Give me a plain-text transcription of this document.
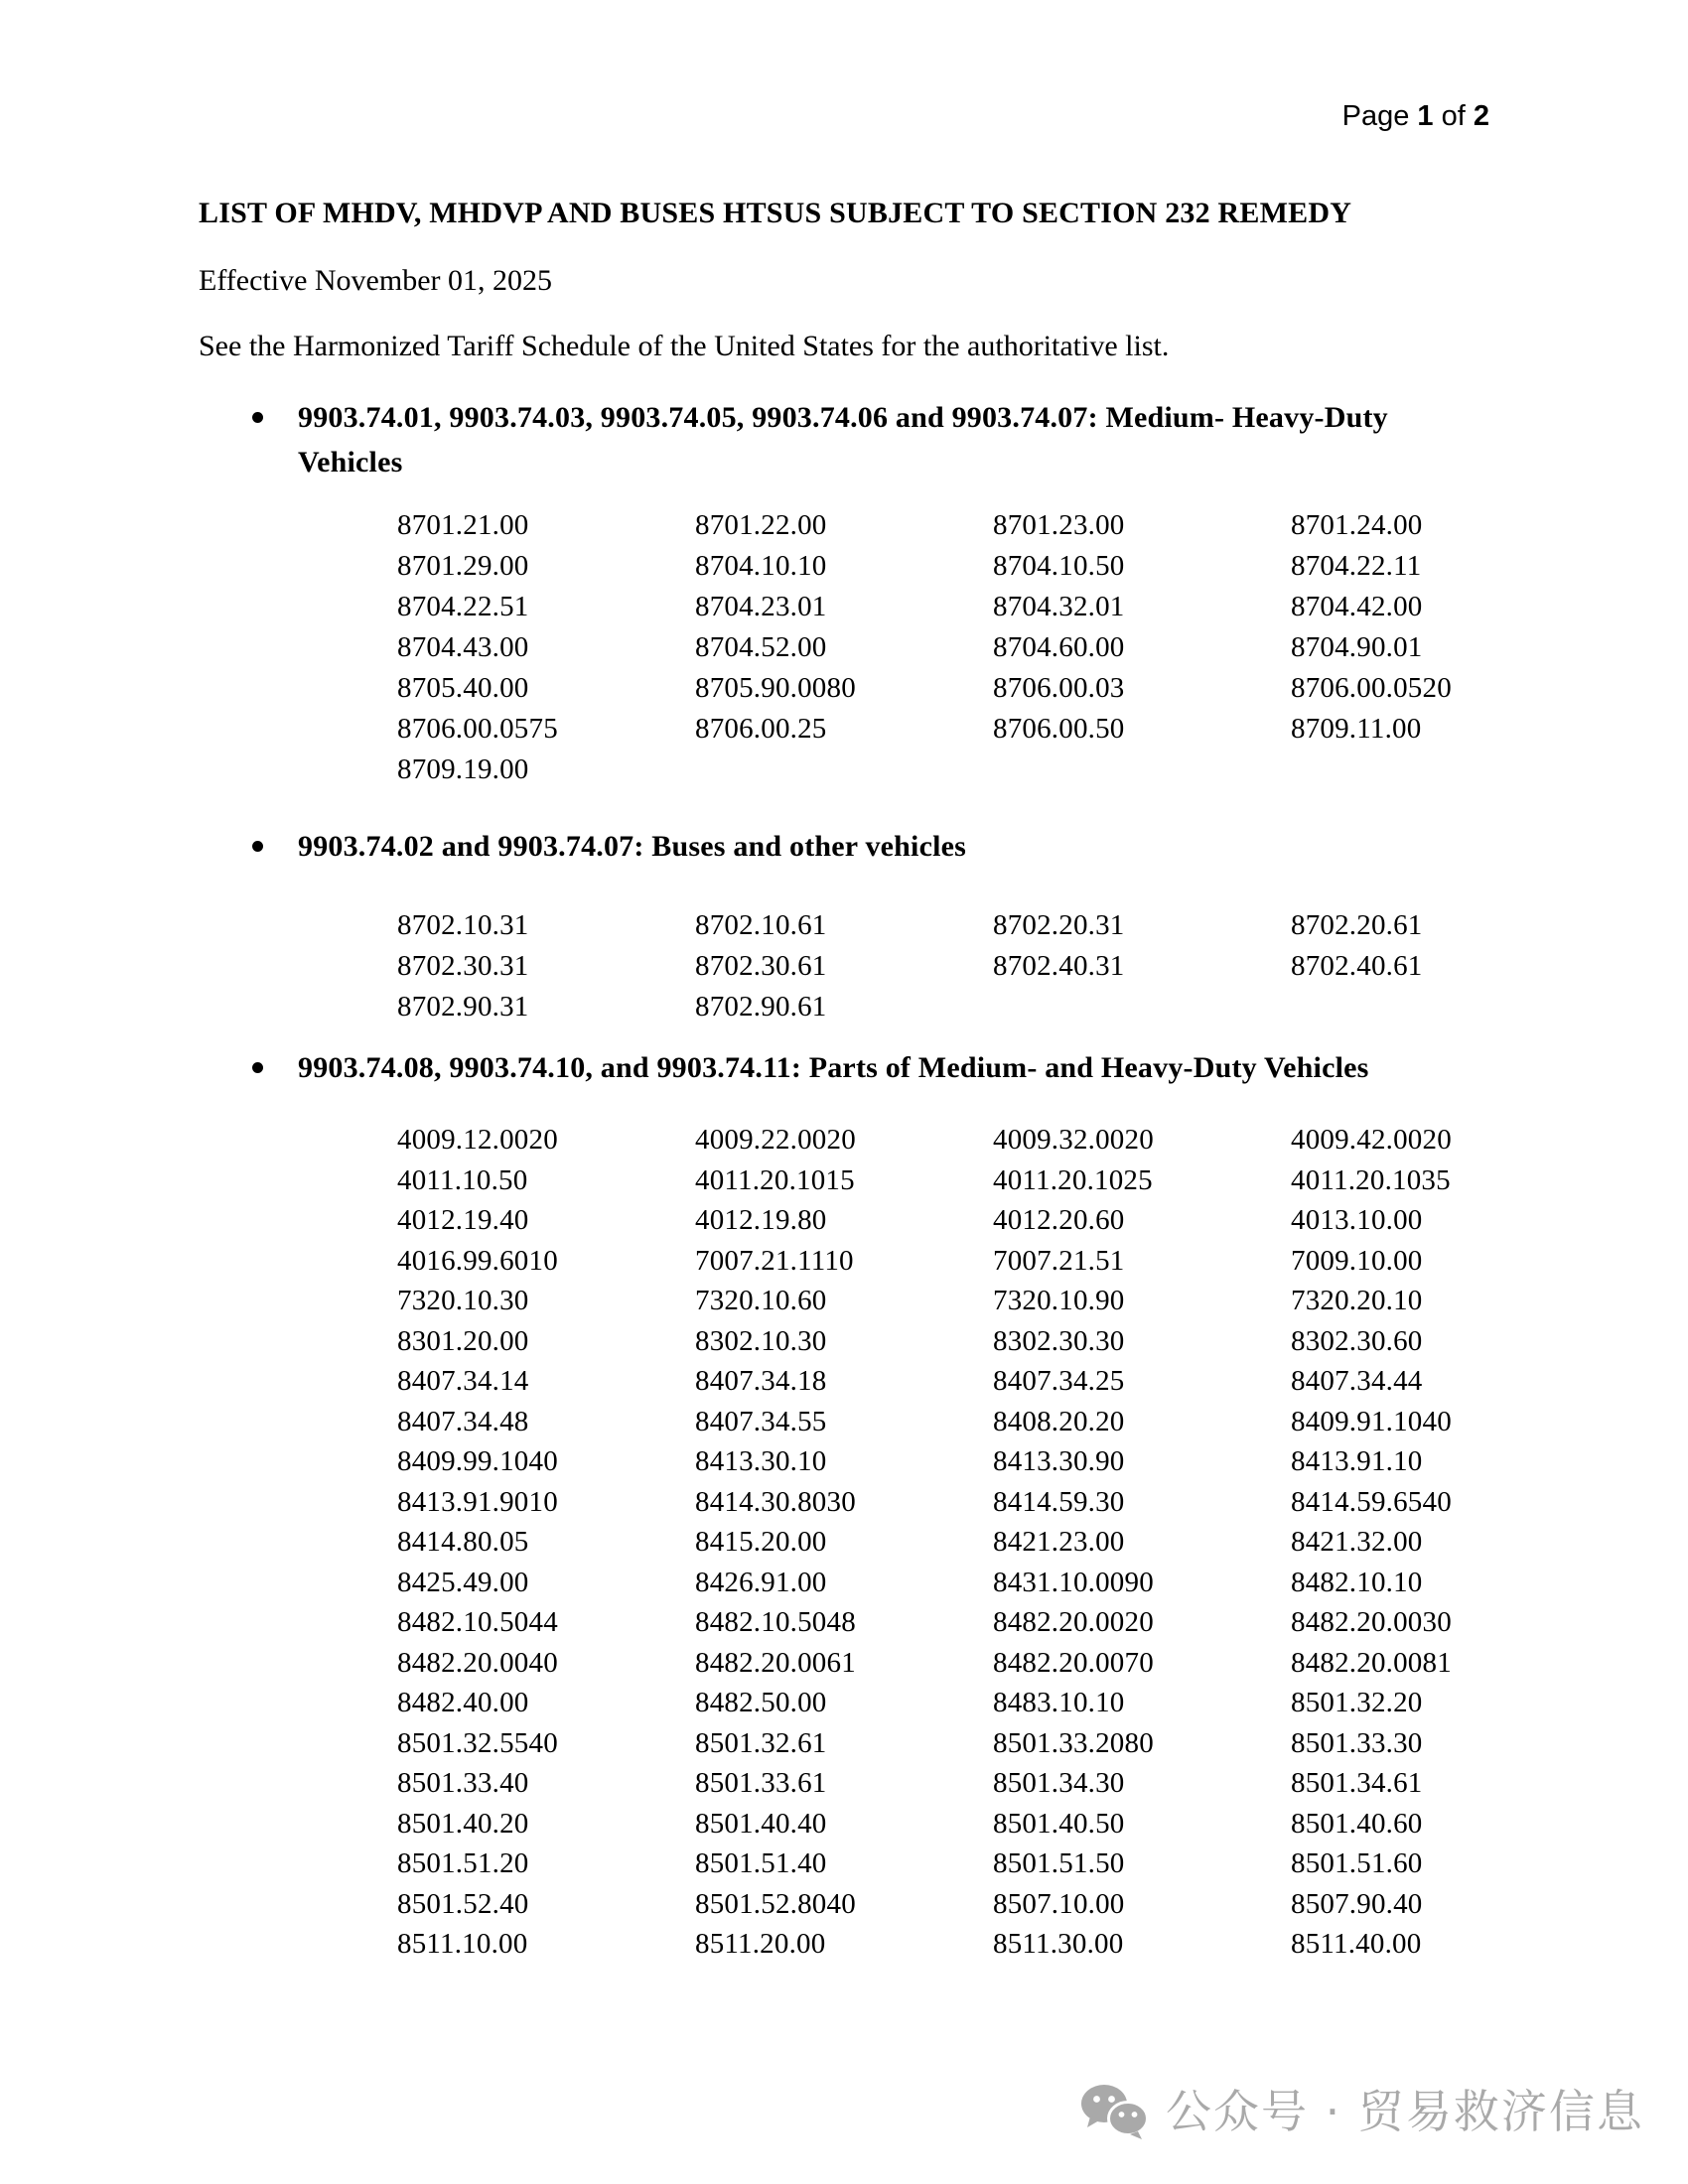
Page 1 of 2
LIST OF MHDV, MHDVP AND BUSES HTSUS SUBJECT TO SECTION 232 REMEDY
Effective November 01, 2025
See the Harmonized Tariff Schedule of the United States for the authoritative list.
9903.74.01, 9903.74.03, 9903.74.05, 9903.74.06 and 9903.74.07: Medium- Heavy-Duty Vehicles
8701.21.00	8701.22.00	8701.23.00	8701.24.00
8701.29.00	8704.10.10	8704.10.50	8704.22.11
8704.22.51	8704.23.01	8704.32.01	8704.42.00
8704.43.00	8704.52.00	8704.60.00	8704.90.01
8705.40.00	8705.90.0080	8706.00.03	8706.00.0520
8706.00.0575	8706.00.25	8706.00.50	8709.11.00
8709.19.00
9903.74.02 and 9903.74.07: Buses and other vehicles
8702.10.31	8702.10.61	8702.20.31	8702.20.61
8702.30.31	8702.30.61	8702.40.31	8702.40.61
8702.90.31	8702.90.61
9903.74.08, 9903.74.10, and 9903.74.11: Parts of Medium- and Heavy-Duty Vehicles
4009.12.0020	4009.22.0020	4009.32.0020	4009.42.0020
4011.10.50	4011.20.1015	4011.20.1025	4011.20.1035
4012.19.40	4012.19.80	4012.20.60	4013.10.00
4016.99.6010	7007.21.1110	7007.21.51	7009.10.00
7320.10.30	7320.10.60	7320.10.90	7320.20.10
8301.20.00	8302.10.30	8302.30.30	8302.30.60
8407.34.14	8407.34.18	8407.34.25	8407.34.44
8407.34.48	8407.34.55	8408.20.20	8409.91.1040
8409.99.1040	8413.30.10	8413.30.90	8413.91.10
8413.91.9010	8414.30.8030	8414.59.30	8414.59.6540
8414.80.05	8415.20.00	8421.23.00	8421.32.00
8425.49.00	8426.91.00	8431.10.0090	8482.10.10
8482.10.5044	8482.10.5048	8482.20.0020	8482.20.0030
8482.20.0040	8482.20.0061	8482.20.0070	8482.20.0081
8482.40.00	8482.50.00	8483.10.10	8501.32.20
8501.32.5540	8501.32.61	8501.33.2080	8501.33.30
8501.33.40	8501.33.61	8501.34.30	8501.34.61
8501.40.20	8501.40.40	8501.40.50	8501.40.60
8501.51.20	8501.51.40	8501.51.50	8501.51.60
8501.52.40	8501.52.8040	8507.10.00	8507.90.40
8511.10.00	8511.20.00	8511.30.00	8511.40.00
公众号 · 贸易救济信息
